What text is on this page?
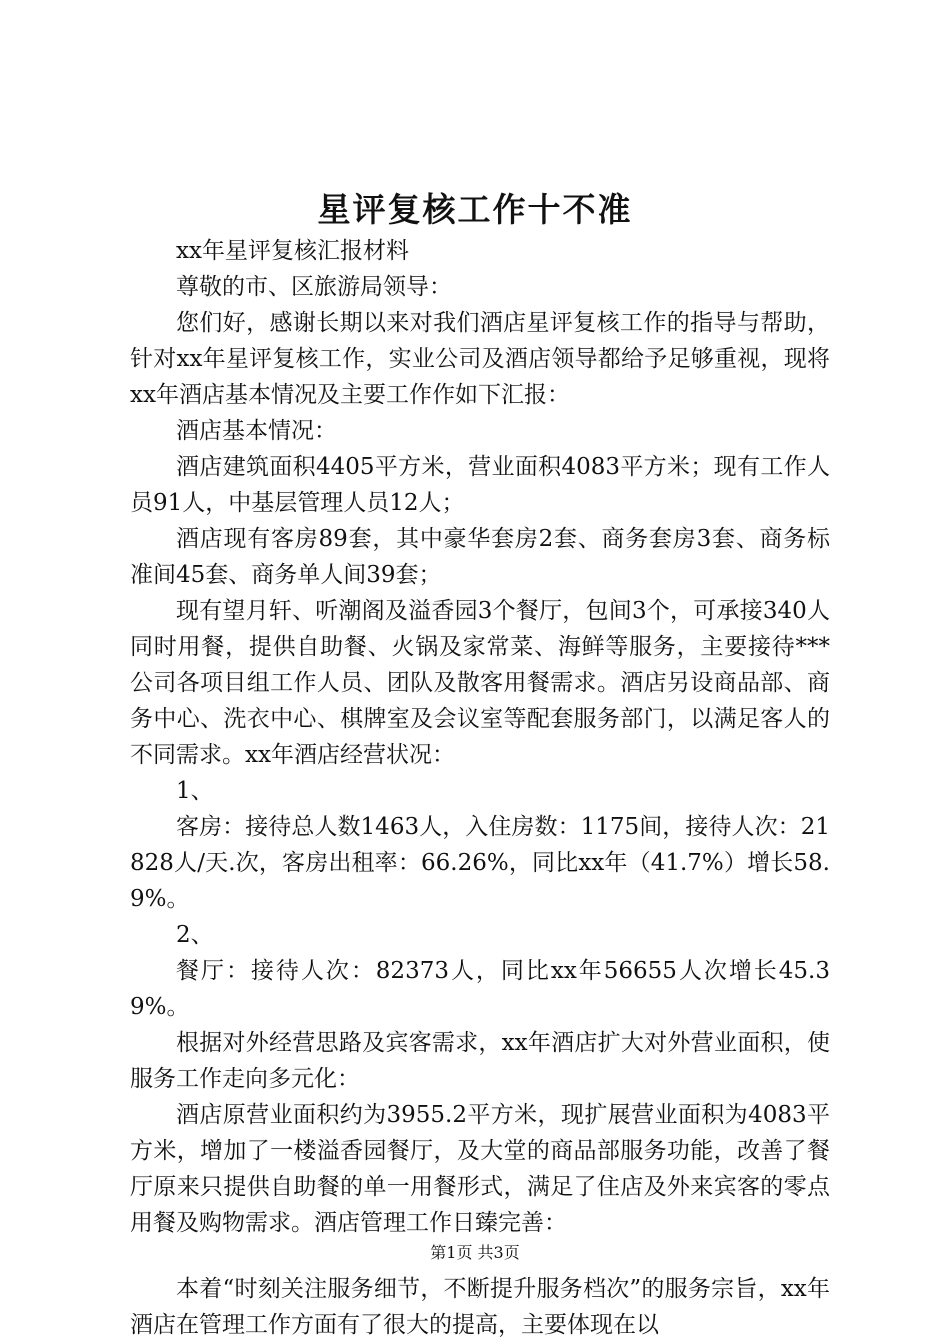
星评复核工作十不准

xx年星评复核汇报材料

尊敬的市、区旅游局领导：

您们好，感谢长期以来对我们酒店星评复核工作的指导与帮助，针对xx年星评复核工作，实业公司及酒店领导都给予足够重视，现将xx年酒店基本情况及主要工作作如下汇报：

酒店基本情况：

酒店建筑面积4405平方米，营业面积4083平方米；现有工作人员91人，中基层管理人员12人；

酒店现有客房89套，其中豪华套房2套、商务套房3套、商务标准间45套、商务单人间39套；

现有望月轩、听潮阁及溢香园3个餐厅，包间3个，可承接340人同时用餐，提供自助餐、火锅及家常菜、海鲜等服务，主要接待***公司各项目组工作人员、团队及散客用餐需求。酒店另设商品部、商务中心、洗衣中心、棋牌室及会议室等配套服务部门，以满足客人的不同需求。xx年酒店经营状况：

1、

客房：接待总人数1463人，入住房数：1175间，接待人次：21828人/天.次，客房出租率：66.26%，同比xx年（41.7%）增长58.9%。

2、

餐厅：接待人次：82373人，同比xx年56655人次增长45.39%。

根据对外经营思路及宾客需求，xx年酒店扩大对外营业面积，使服务工作走向多元化：

酒店原营业面积约为3955.2平方米，现扩展营业面积为4083平方米，增加了一楼溢香园餐厅，及大堂的商品部服务功能，改善了餐厅原来只提供自助餐的单一用餐形式，满足了住店及外来宾客的零点用餐及购物需求。酒店管理工作日臻完善：

本着“时刻关注服务细节，不断提升服务档次”的服务宗旨，xx年酒店在管理工作方面有了很大的提高，主要体现在以

第1页 共3页
